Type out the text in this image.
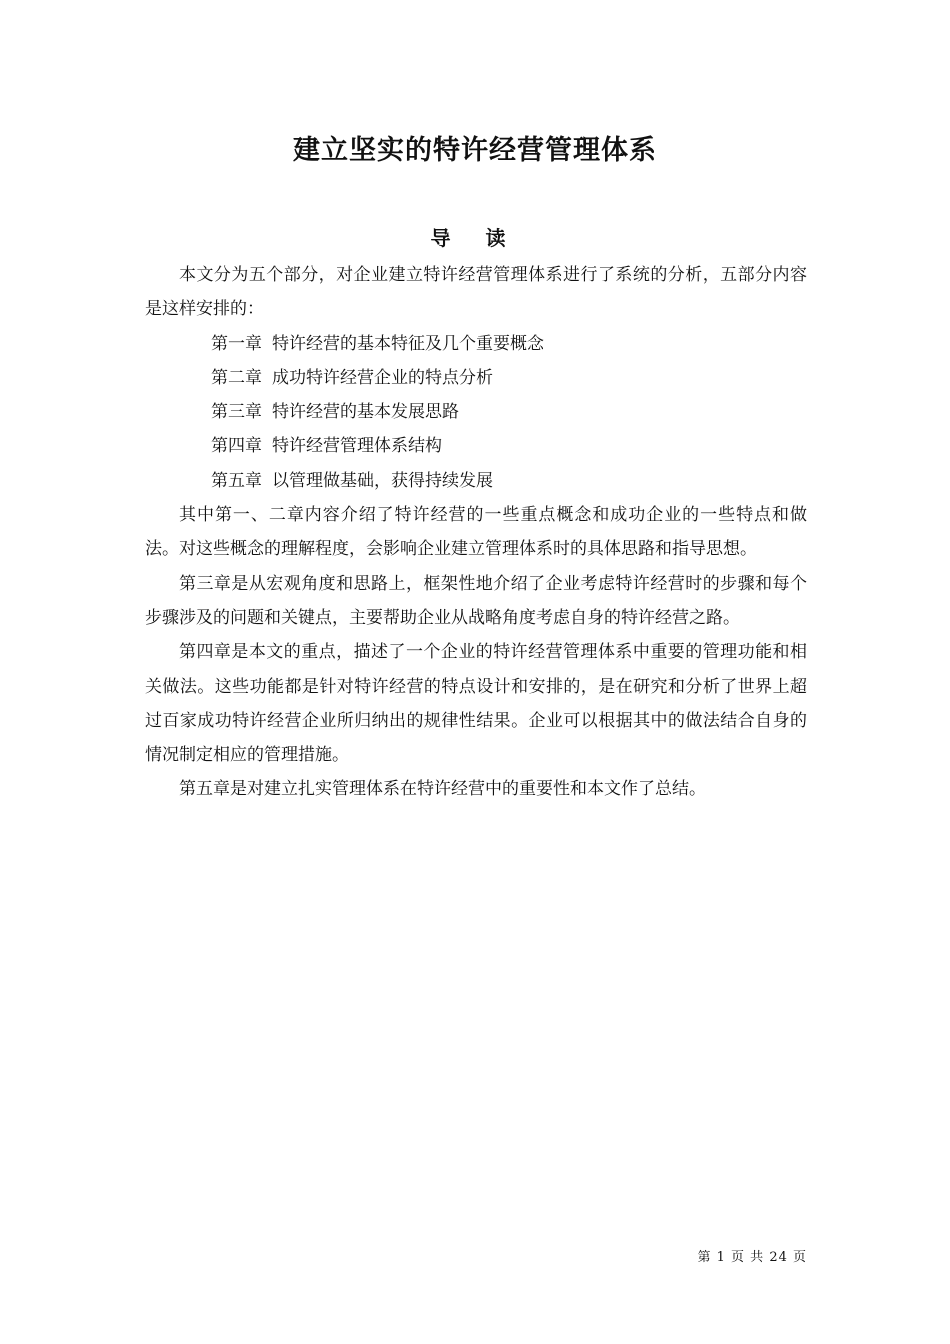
建立坚实的特许经营管理体系
导 读

本文分为五个部分，对企业建立特许经营管理体系进行了系统的分析，五部分内容是这样安排的：

第一章 特许经营的基本特征及几个重要概念
第二章 成功特许经营企业的特点分析
第三章 特许经营的基本发展思路
第四章 特许经营管理体系结构
第五章 以管理做基础，获得持续发展

其中第一、二章内容介绍了特许经营的一些重点概念和成功企业的一些特点和做法。对这些概念的理解程度，会影响企业建立管理体系时的具体思路和指导思想。

第三章是从宏观角度和思路上，框架性地介绍了企业考虑特许经营时的步骤和每个步骤涉及的问题和关键点，主要帮助企业从战略角度考虑自身的特许经营之路。

第四章是本文的重点，描述了一个企业的特许经营管理体系中重要的管理功能和相关做法。这些功能都是针对特许经营的特点设计和安排的，是在研究和分析了世界上超过百家成功特许经营企业所归纳出的规律性结果。企业可以根据其中的做法结合自身的情况制定相应的管理措施。

第五章是对建立扎实管理体系在特许经营中的重要性和本文作了总结。

第 1 页 共 24 页
